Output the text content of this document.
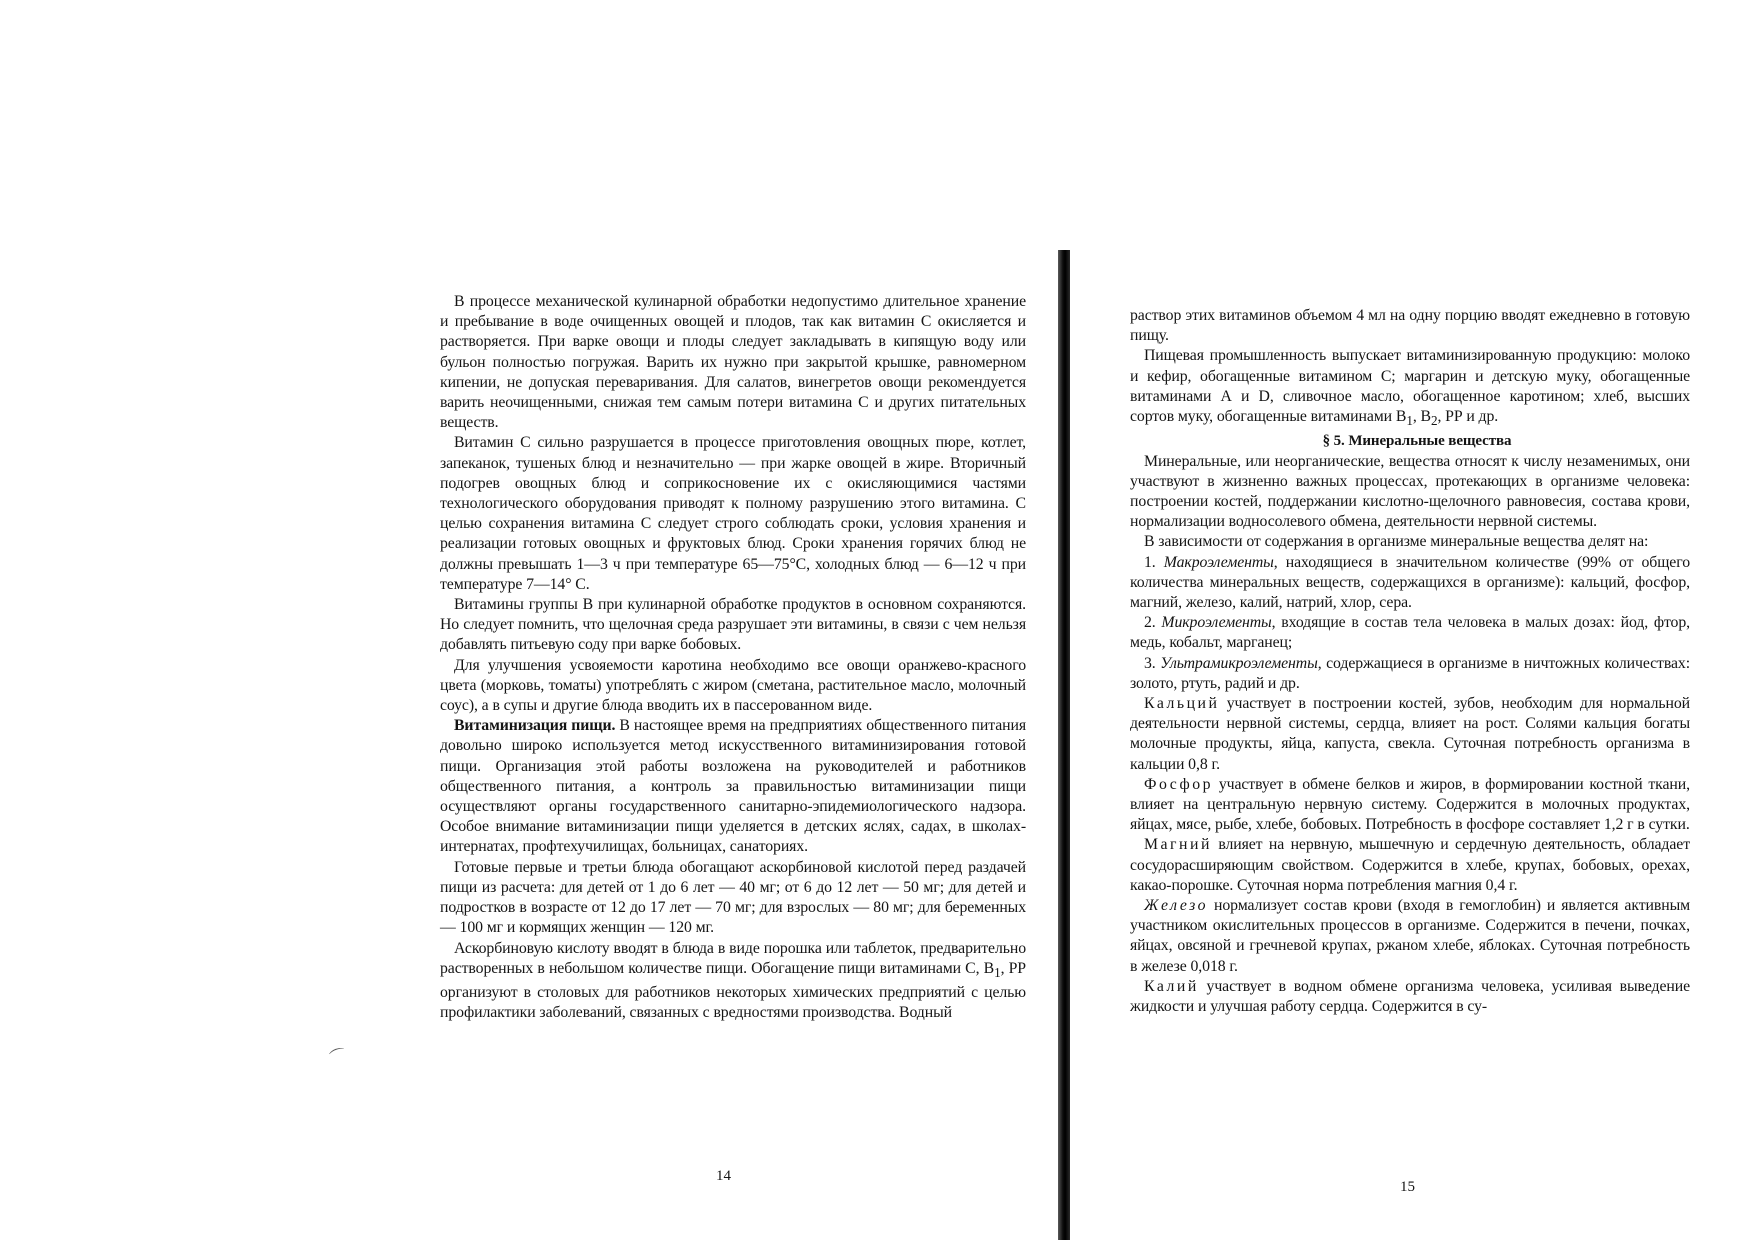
В процессе механической кулинарной обработки недопустимо длительное хранение и пребывание в воде очищенных овощей и плодов, так как витамин С окисляется и растворяется. При варке овощи и плоды следует закладывать в кипящую воду или бульон полностью погружая. Варить их нужно при закрытой крышке, равномерном кипении, не допуская переваривания. Для салатов, винегретов овощи рекомендуется варить неочищенными, снижая тем самым потери витамина С и других питательных веществ.

Витамин С сильно разрушается в процессе приготовления овощных пюре, котлет, запеканок, тушеных блюд и незначительно — при жарке овощей в жире. Вторичный подогрев овощных блюд и соприкосновение их с окисляющимися частями технологического оборудования приводят к полному разрушению этого витамина. С целью сохранения витамина С следует строго соблюдать сроки, условия хранения и реализации готовых овощных и фруктовых блюд. Сроки хранения горячих блюд не должны превышать 1—3 ч при температуре 65—75°С, холодных блюд — 6—12 ч при температуре 7—14° С.

Витамины группы В при кулинарной обработке продуктов в основном сохраняются. Но следует помнить, что щелочная среда разрушает эти витамины, в связи с чем нельзя добавлять питьевую соду при варке бобовых.

Для улучшения усвояемости каротина необходимо все овощи оранжево-красного цвета (морковь, томаты) употреблять с жиром (сметана, растительное масло, молочный соус), а в супы и другие блюда вводить их в пассерованном виде.

Витаминизация пищи. В настоящее время на предприятиях общественного питания довольно широко используется метод искусственного витаминизирования готовой пищи. Организация этой работы возложена на руководителей и работников общественного питания, а контроль за правильностью витаминизации пищи осуществляют органы государственного санитарно-эпидемиологического надзора. Особое внимание витаминизации пищи уделяется в детских яслях, садах, в школах-интернатах, профтехучилищах, больницах, санаториях.

Готовые первые и третьи блюда обогащают аскорбиновой кислотой перед раздачей пищи из расчета: для детей от 1 до 6 лет — 40 мг; от 6 до 12 лет — 50 мг; для детей и подростков в возрасте от 12 до 17 лет — 70 мг; для взрослых — 80 мг; для беременных — 100 мг и кормящих женщин — 120 мг.

Аскорбиновую кислоту вводят в блюда в виде порошка или таблеток, предварительно растворенных в небольшом количестве пищи. Обогащение пищи витаминами С, $В_1$, РР организуют в столовых для работников некоторых химических предприятий с целью профилактики заболеваний, связанных с вредностями производства. Водный

⌒
14

раствор этих витаминов объемом 4 мл на одну порцию вводят ежедневно в готовую пищу.

Пищевая промышленность выпускает витаминизированную продукцию: молоко и кефир, обогащенные витамином С; маргарин и детскую муку, обогащенные витаминами А и D, сливочное масло, обогащенное каротином; хлеб, высших сортов муку, обогащенные витаминами $В_1$, $В_2$, РР и др.

§ 5. Минеральные вещества

Минеральные, или неорганические, вещества относят к числу незаменимых, они участвуют в жизненно важных процессах, протекающих в организме человека: построении костей, поддержании кислотно-щелочного равновесия, состава крови, нормализации водносолевого обмена, деятельности нервной системы.

В зависимости от содержания в организме минеральные вещества делят на:

1. Макроэлементы, находящиеся в значительном количестве (99% от общего количества минеральных веществ, содержащихся в организме): кальций, фосфор, магний, железо, калий, натрий, хлор, сера.

2. Микроэлементы, входящие в состав тела человека в малых дозах: йод, фтор, медь, кобальт, марганец;

3. Ультрамикроэлементы, содержащиеся в организме в ничтожных количествах: золото, ртуть, радий и др.

Кальций участвует в построении костей, зубов, необходим для нормальной деятельности нервной системы, сердца, влияет на рост. Солями кальция богаты молочные продукты, яйца, капуста, свекла. Суточная потребность организма в кальции 0,8 г.

Фосфор участвует в обмене белков и жиров, в формировании костной ткани, влияет на центральную нервную систему. Содержится в молочных продуктах, яйцах, мясе, рыбе, хлебе, бобовых. Потребность в фосфоре составляет 1,2 г в сутки.

Магний влияет на нервную, мышечную и сердечную деятельность, обладает сосудорасширяющим свойством. Содержится в хлебе, крупах, бобовых, орехах, какао-порошке. Суточная норма потребления магния 0,4 г.

Железо нормализует состав крови (входя в гемоглобин) и является активным участником окислительных процессов в организме. Содержится в печени, почках, яйцах, овсяной и гречневой крупах, ржаном хлебе, яблоках. Суточная потребность в железе 0,018 г.

Калий участвует в водном обмене организма человека, усиливая выведение жидкости и улучшая работу сердца. Содержится в су-

15
